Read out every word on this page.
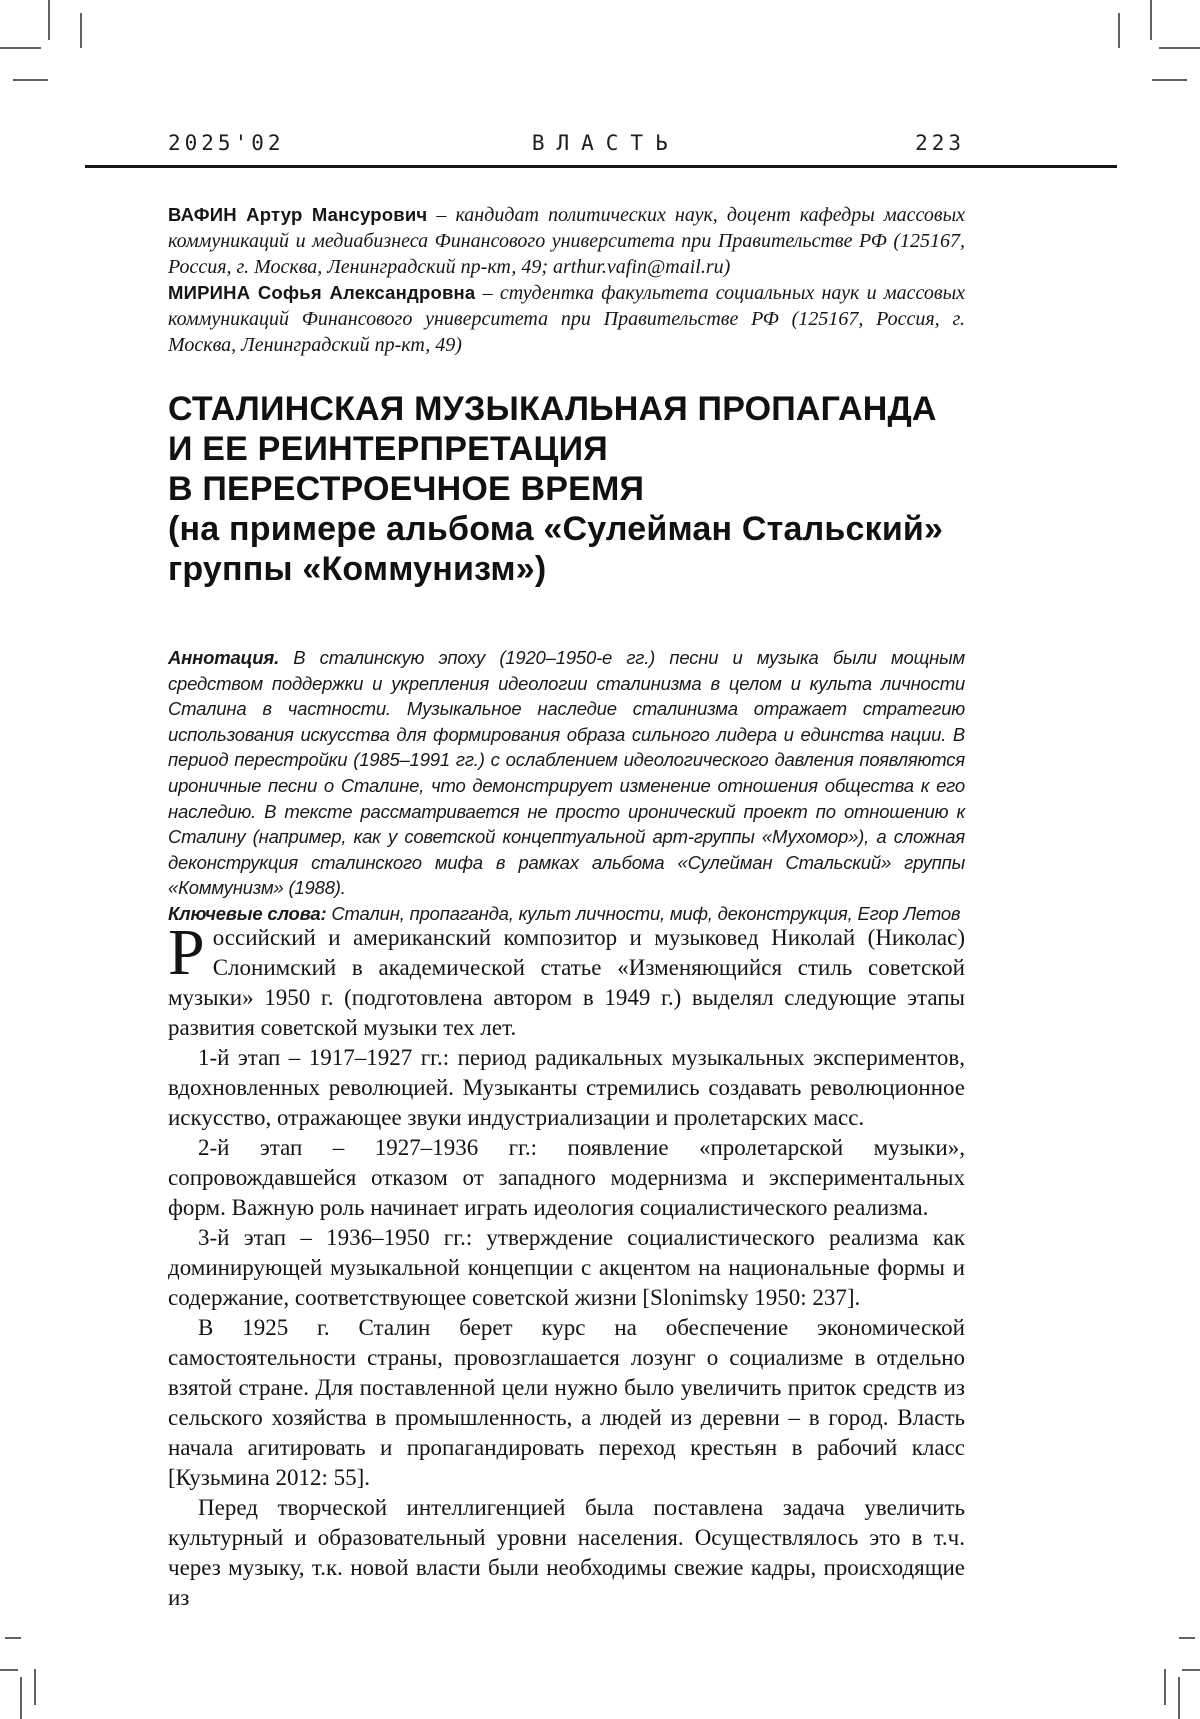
2025'02	ВЛАСТЬ	223

ВАФИН Артур Мансурович – кандидат политических наук, доцент кафедры массовых коммуникаций и медиабизнеса Финансового университета при Правительстве РФ (125167, Россия, г. Москва, Ленинградский пр-кт, 49; arthur.vafin@mail.ru)

МИРИНА Софья Александровна – студентка факультета социальных наук и массовых коммуникаций Финансового университета при Правительстве РФ (125167, Россия, г. Москва, Ленинградский пр-кт, 49)

СТАЛИНСКАЯ МУЗЫКАЛЬНАЯ ПРОПАГАНДА
И ЕЕ РЕИНТЕРПРЕТАЦИЯ
В ПЕРЕСТРОЕЧНОЕ ВРЕМЯ
(на примере альбома «Сулейман Стальский»
группы «Коммунизм»)

Аннотация. В сталинскую эпоху (1920–1950-е гг.) песни и музыка были мощным средством поддержки и укрепления идеологии сталинизма в целом и культа личности Сталина в частности. Музыкальное наследие сталинизма отражает стратегию использования искусства для формирования образа сильного лидера и единства нации. В период перестройки (1985–1991 гг.) с ослаблением идеологического давления появляются ироничные песни о Сталине, что демонстрирует изменение отношения общества к его наследию. В тексте рассматривается не просто иронический проект по отношению к Сталину (например, как у советской концептуальной арт-группы «Мухомор»), а сложная деконструкция сталинского мифа в рамках альбома «Сулейман Стальский» группы «Коммунизм» (1988).

Ключевые слова: Сталин, пропаганда, культ личности, миф, деконструкция, Егор Летов

Российский и американский композитор и музыковед Николай (Николас) Слонимский в академической статье «Изменяющийся стиль советской музыки» 1950 г. (подготовлена автором в 1949 г.) выделял следующие этапы развития советской музыки тех лет.

1-й этап – 1917–1927 гг.: период радикальных музыкальных экспериментов, вдохновленных революцией. Музыканты стремились создавать революционное искусство, отражающее звуки индустриализации и пролетарских масс.

2-й этап – 1927–1936 гг.: появление «пролетарской музыки», сопровождавшейся отказом от западного модернизма и экспериментальных форм. Важную роль начинает играть идеология социалистического реализма.

3-й этап – 1936–1950 гг.: утверждение социалистического реализма как доминирующей музыкальной концепции с акцентом на национальные формы и содержание, соответствующее советской жизни [Slonimsky 1950: 237].

В 1925 г. Сталин берет курс на обеспечение экономической самостоятельности страны, провозглашается лозунг о социализме в отдельно взятой стране. Для поставленной цели нужно было увеличить приток средств из сельского хозяйства в промышленность, а людей из деревни – в город. Власть начала агитировать и пропагандировать переход крестьян в рабочий класс [Кузьмина 2012: 55].

Перед творческой интеллигенцией была поставлена задача увеличить культурный и образовательный уровни населения. Осуществлялось это в т.ч. через музыку, т.к. новой власти были необходимы свежие кадры, происходящие из
